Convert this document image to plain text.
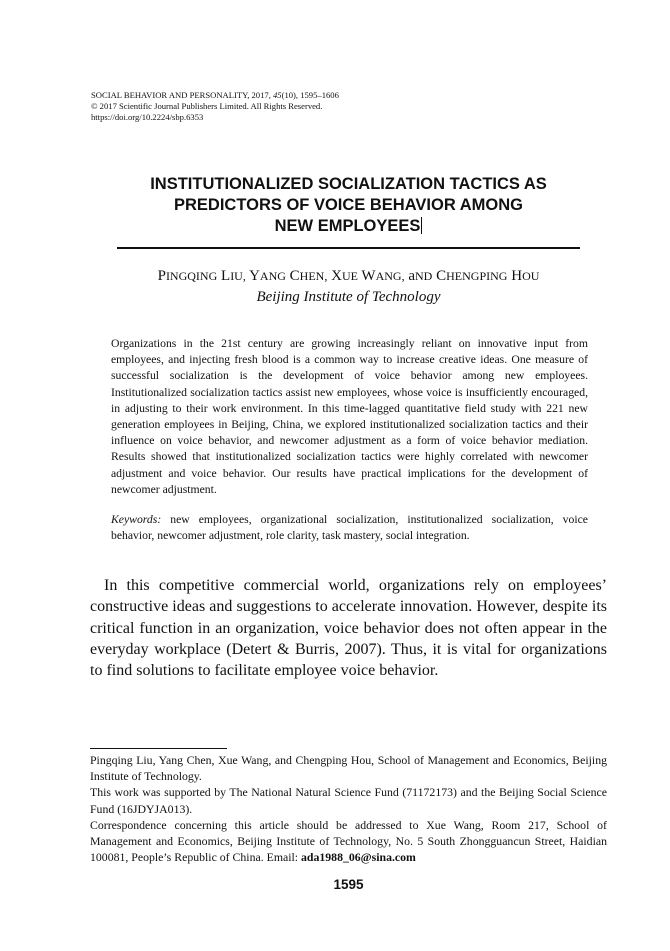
SOCIAL BEHAVIOR AND PERSONALITY, 2017, 45(10), 1595–1606
© 2017 Scientific Journal Publishers Limited. All Rights Reserved.
https://doi.org/10.2224/sbp.6353
INSTITUTIONALIZED SOCIALIZATION TACTICS AS
PREDICTORS OF VOICE BEHAVIOR AMONG
NEW EMPLOYEES
PINGQING LIU, YANG CHEN, XUE WANG, aND CHENGPING HOU
Beijing Institute of Technology
Organizations in the 21st century are growing increasingly reliant on innovative input from employees, and injecting fresh blood is a common way to increase creative ideas. One measure of successful socialization is the development of voice behavior among new employees. Institutionalized socialization tactics assist new employees, whose voice is insufficiently encouraged, in adjusting to their work environment. In this time-lagged quantitative field study with 221 new generation employees in Beijing, China, we explored institutionalized socialization tactics and their influence on voice behavior, and newcomer adjustment as a form of voice behavior mediation. Results showed that institutionalized socialization tactics were highly correlated with newcomer adjustment and voice behavior. Our results have practical implications for the development of newcomer adjustment.
Keywords: new employees, organizational socialization, institutionalized socialization, voice behavior, newcomer adjustment, role clarity, task mastery, social integration.
In this competitive commercial world, organizations rely on employees’ constructive ideas and suggestions to accelerate innovation. However, despite its critical function in an organization, voice behavior does not often appear in the everyday workplace (Detert & Burris, 2007). Thus, it is vital for organizations to find solutions to facilitate employee voice behavior.

Pingqing Liu, Yang Chen, Xue Wang, and Chengping Hou, School of Management and Economics, Beijing Institute of Technology.

This work was supported by The National Natural Science Fund (71172173) and the Beijing Social Science Fund (16JDYJA013).

Correspondence concerning this article should be addressed to Xue Wang, Room 217, School of Management and Economics, Beijing Institute of Technology, No. 5 South Zhongguancun Street, Haidian 100081, People’s Republic of China. Email: ada1988_06@sina.com

1595
